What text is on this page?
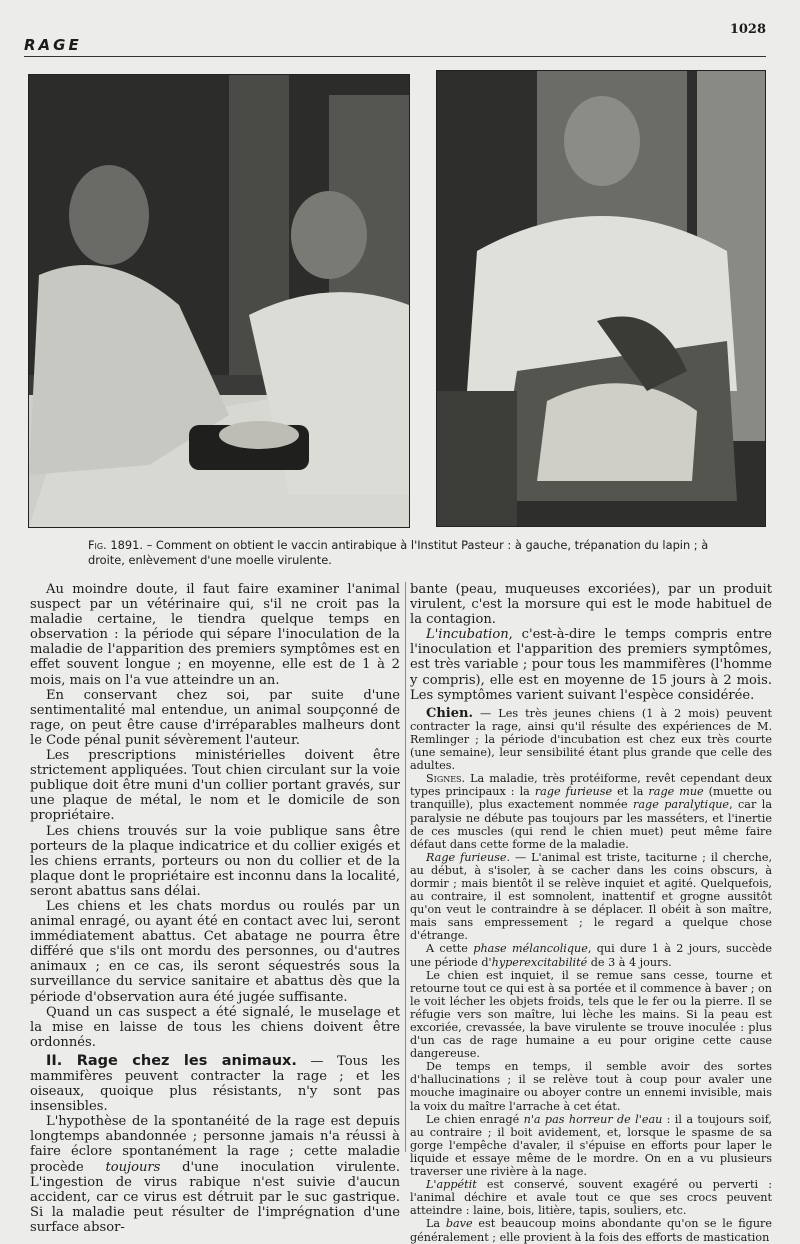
RAGE
1028
Fig. 1891. – Comment on obtient le vaccin antirabique à l'Institut Pasteur : à gauche, trépanation du lapin ; à droite, enlèvement d'une moelle virulente.

Au moindre doute, il faut faire examiner l'animal suspect par un vétérinaire qui, s'il ne croit pas la maladie certaine, le tiendra quelque temps en observation : la période qui sépare l'inoculation de la maladie de l'apparition des premiers symptômes est en effet souvent longue ; en moyenne, elle est de 1 à 2 mois, mais on l'a vue atteindre un an.

En conservant chez soi, par suite d'une sentimentalité mal entendue, un animal soupçonné de rage, on peut être cause d'irréparables malheurs dont le Code pénal punit sévèrement l'auteur.

Les prescriptions ministérielles doivent être strictement appliquées. Tout chien circulant sur la voie publique doit être muni d'un collier portant gravés, sur une plaque de métal, le nom et le domicile de son propriétaire.

Les chiens trouvés sur la voie publique sans être porteurs de la plaque indicatrice et du collier exigés et les chiens errants, porteurs ou non du collier et de la plaque dont le propriétaire est inconnu dans la localité, seront abattus sans délai.

Les chiens et les chats mordus ou roulés par un animal enragé, ou ayant été en contact avec lui, seront immédiatement abattus. Cet abatage ne pourra être différé que s'ils ont mordu des personnes, ou d'autres animaux ; en ce cas, ils seront séquestrés sous la surveillance du service sanitaire et abattus dès que la période d'observation aura été jugée suffisante.

Quand un cas suspect a été signalé, le muselage et la mise en laisse de tous les chiens doivent être ordonnés.

II. Rage chez les animaux. — Tous les mammifères peuvent contracter la rage ; et les oiseaux, quoique plus résistants, n'y sont pas insensibles.

L'hypothèse de la spontanéité de la rage est depuis longtemps abandonnée ; personne jamais n'a réussi à faire éclore spontanément la rage ; cette maladie procède toujours d'une inoculation virulente. L'ingestion de virus rabique n'est suivie d'aucun accident, car ce virus est détruit par le suc gastrique. Si la maladie peut résulter de l'imprégnation d'une surface absor-

bante (peau, muqueuses excoriées), par un produit virulent, c'est la morsure qui est le mode habituel de la contagion.

L'incubation, c'est-à-dire le temps compris entre l'inoculation et l'apparition des premiers symptômes, est très variable ; pour tous les mammifères (l'homme y compris), elle est en moyenne de 15 jours à 2 mois. Les symptômes varient suivant l'espèce considérée.

Chien. — Les très jeunes chiens (1 à 2 mois) peuvent contracter la rage, ainsi qu'il résulte des expériences de M. Remlinger ; la période d'incubation est chez eux très courte (une semaine), leur sensibilité étant plus grande que celle des adultes.

Signes. La maladie, très protéiforme, revêt cependant deux types principaux : la rage furieuse et la rage mue (muette ou tranquille), plus exactement nommée rage paralytique, car la paralysie ne débute pas toujours par les masséters, et l'inertie de ces muscles (qui rend le chien muet) peut même faire défaut dans cette forme de la maladie.

Rage furieuse. — L'animal est triste, taciturne ; il cherche, au début, à s'isoler, à se cacher dans les coins obscurs, à dormir ; mais bientôt il se relève inquiet et agité. Quelquefois, au contraire, il est somnolent, inattentif et grogne aussitôt qu'on veut le contraindre à se déplacer. Il obéit à son maître, mais sans empressement ; le regard a quelque chose d'étrange.

A cette phase mélancolique, qui dure 1 à 2 jours, succède une période d'hyperexcitabilité de 3 à 4 jours.

Le chien est inquiet, il se remue sans cesse, tourne et retourne tout ce qui est à sa portée et il commence à baver ; on le voit lécher les objets froids, tels que le fer ou la pierre. Il se réfugie vers son maître, lui lèche les mains. Si la peau est excoriée, crevassée, la bave virulente se trouve inoculée : plus d'un cas de rage humaine a eu pour origine cette cause dangereuse.

De temps en temps, il semble avoir des sortes d'hallucinations ; il se relève tout à coup pour avaler une mouche imaginaire ou aboyer contre un ennemi invisible, mais la voix du maître l'arrache à cet état.

Le chien enragé n'a pas horreur de l'eau : il a toujours soif, au contraire ; il boit avidement, et, lorsque le spasme de sa gorge l'empêche d'avaler, il s'épuise en efforts pour laper le liquide et essaye même de le mordre. On en a vu plusieurs traverser une rivière à la nage.

L'appétit est conservé, souvent exagéré ou perverti : l'animal déchire et avale tout ce que ses crocs peuvent atteindre : laine, bois, litière, tapis, souliers, etc.

La bave est beaucoup moins abondante qu'on se le figure généralement ; elle provient à la fois des efforts de mastication
